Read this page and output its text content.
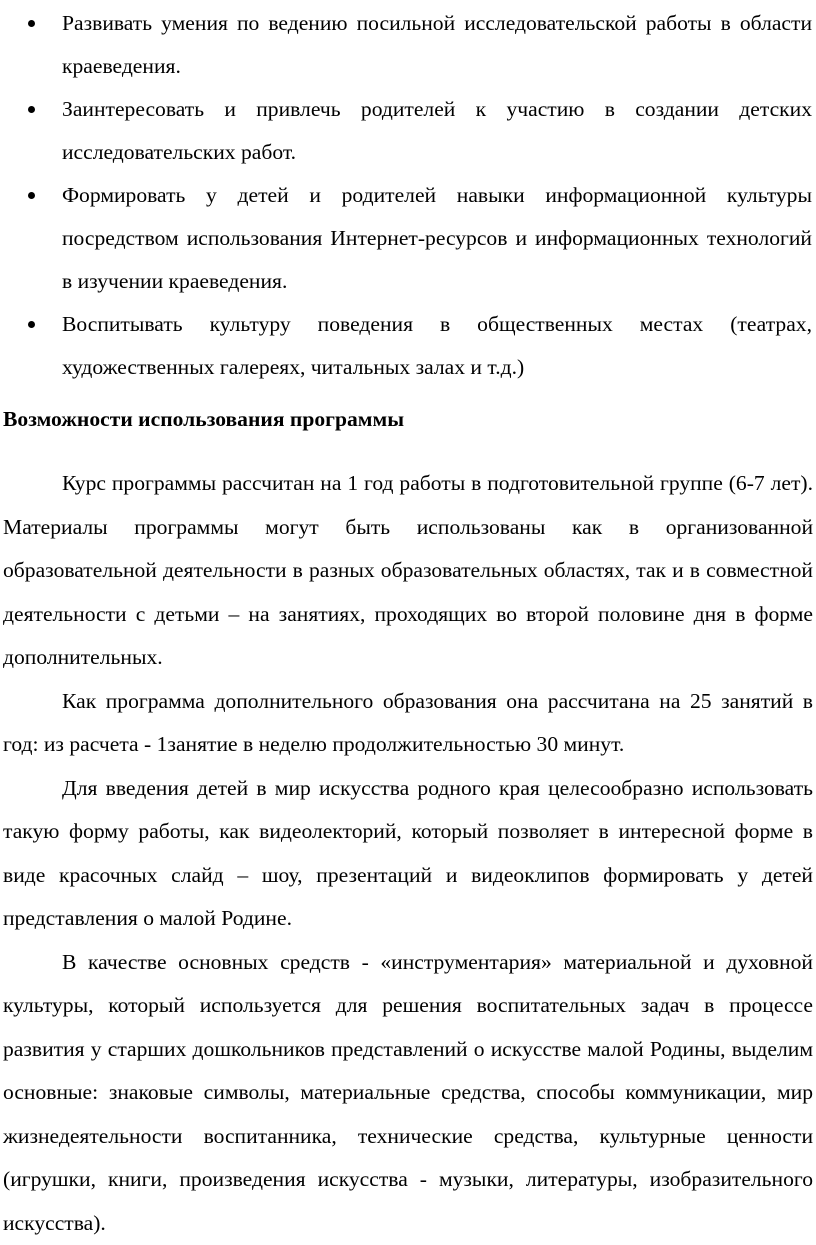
Развивать умения по ведению посильной исследовательской работы в области краеведения.
Заинтересовать и привлечь родителей к участию в создании детских исследовательских работ.
Формировать у детей и родителей навыки информационной культуры посредством использования Интернет-ресурсов и информационных технологий в изучении краеведения.
Воспитывать культуру поведения в общественных местах (театрах, художественных галереях, читальных залах и т.д.)
Возможности использования программы

Курс программы рассчитан на 1 год работы в подготовительной группе (6-7 лет). Материалы программы могут быть использованы как в организованной образовательной деятельности в разных образовательных областях, так и в совместной деятельности с детьми – на занятиях, проходящих во второй половине дня в форме дополнительных.

Как программа дополнительного образования она рассчитана на 25 занятий в год: из расчета - 1занятие в неделю продолжительностью 30 минут.

Для введения детей в мир искусства родного края целесообразно использовать такую форму работы, как видеолекторий, который позволяет в интересной форме в виде красочных слайд – шоу, презентаций и видеоклипов формировать у детей представления о малой Родине.

В качестве основных средств - «инструментария» материальной и духовной культуры, который используется для решения воспитательных задач в процессе развития у старших дошкольников представлений о искусстве малой Родины, выделим основные: знаковые символы, материальные средства, способы коммуникации, мир жизнедеятельности воспитанника, технические средства, культурные ценности (игрушки, книги, произведения искусства - музыки, литературы, изобразительного искусства).
